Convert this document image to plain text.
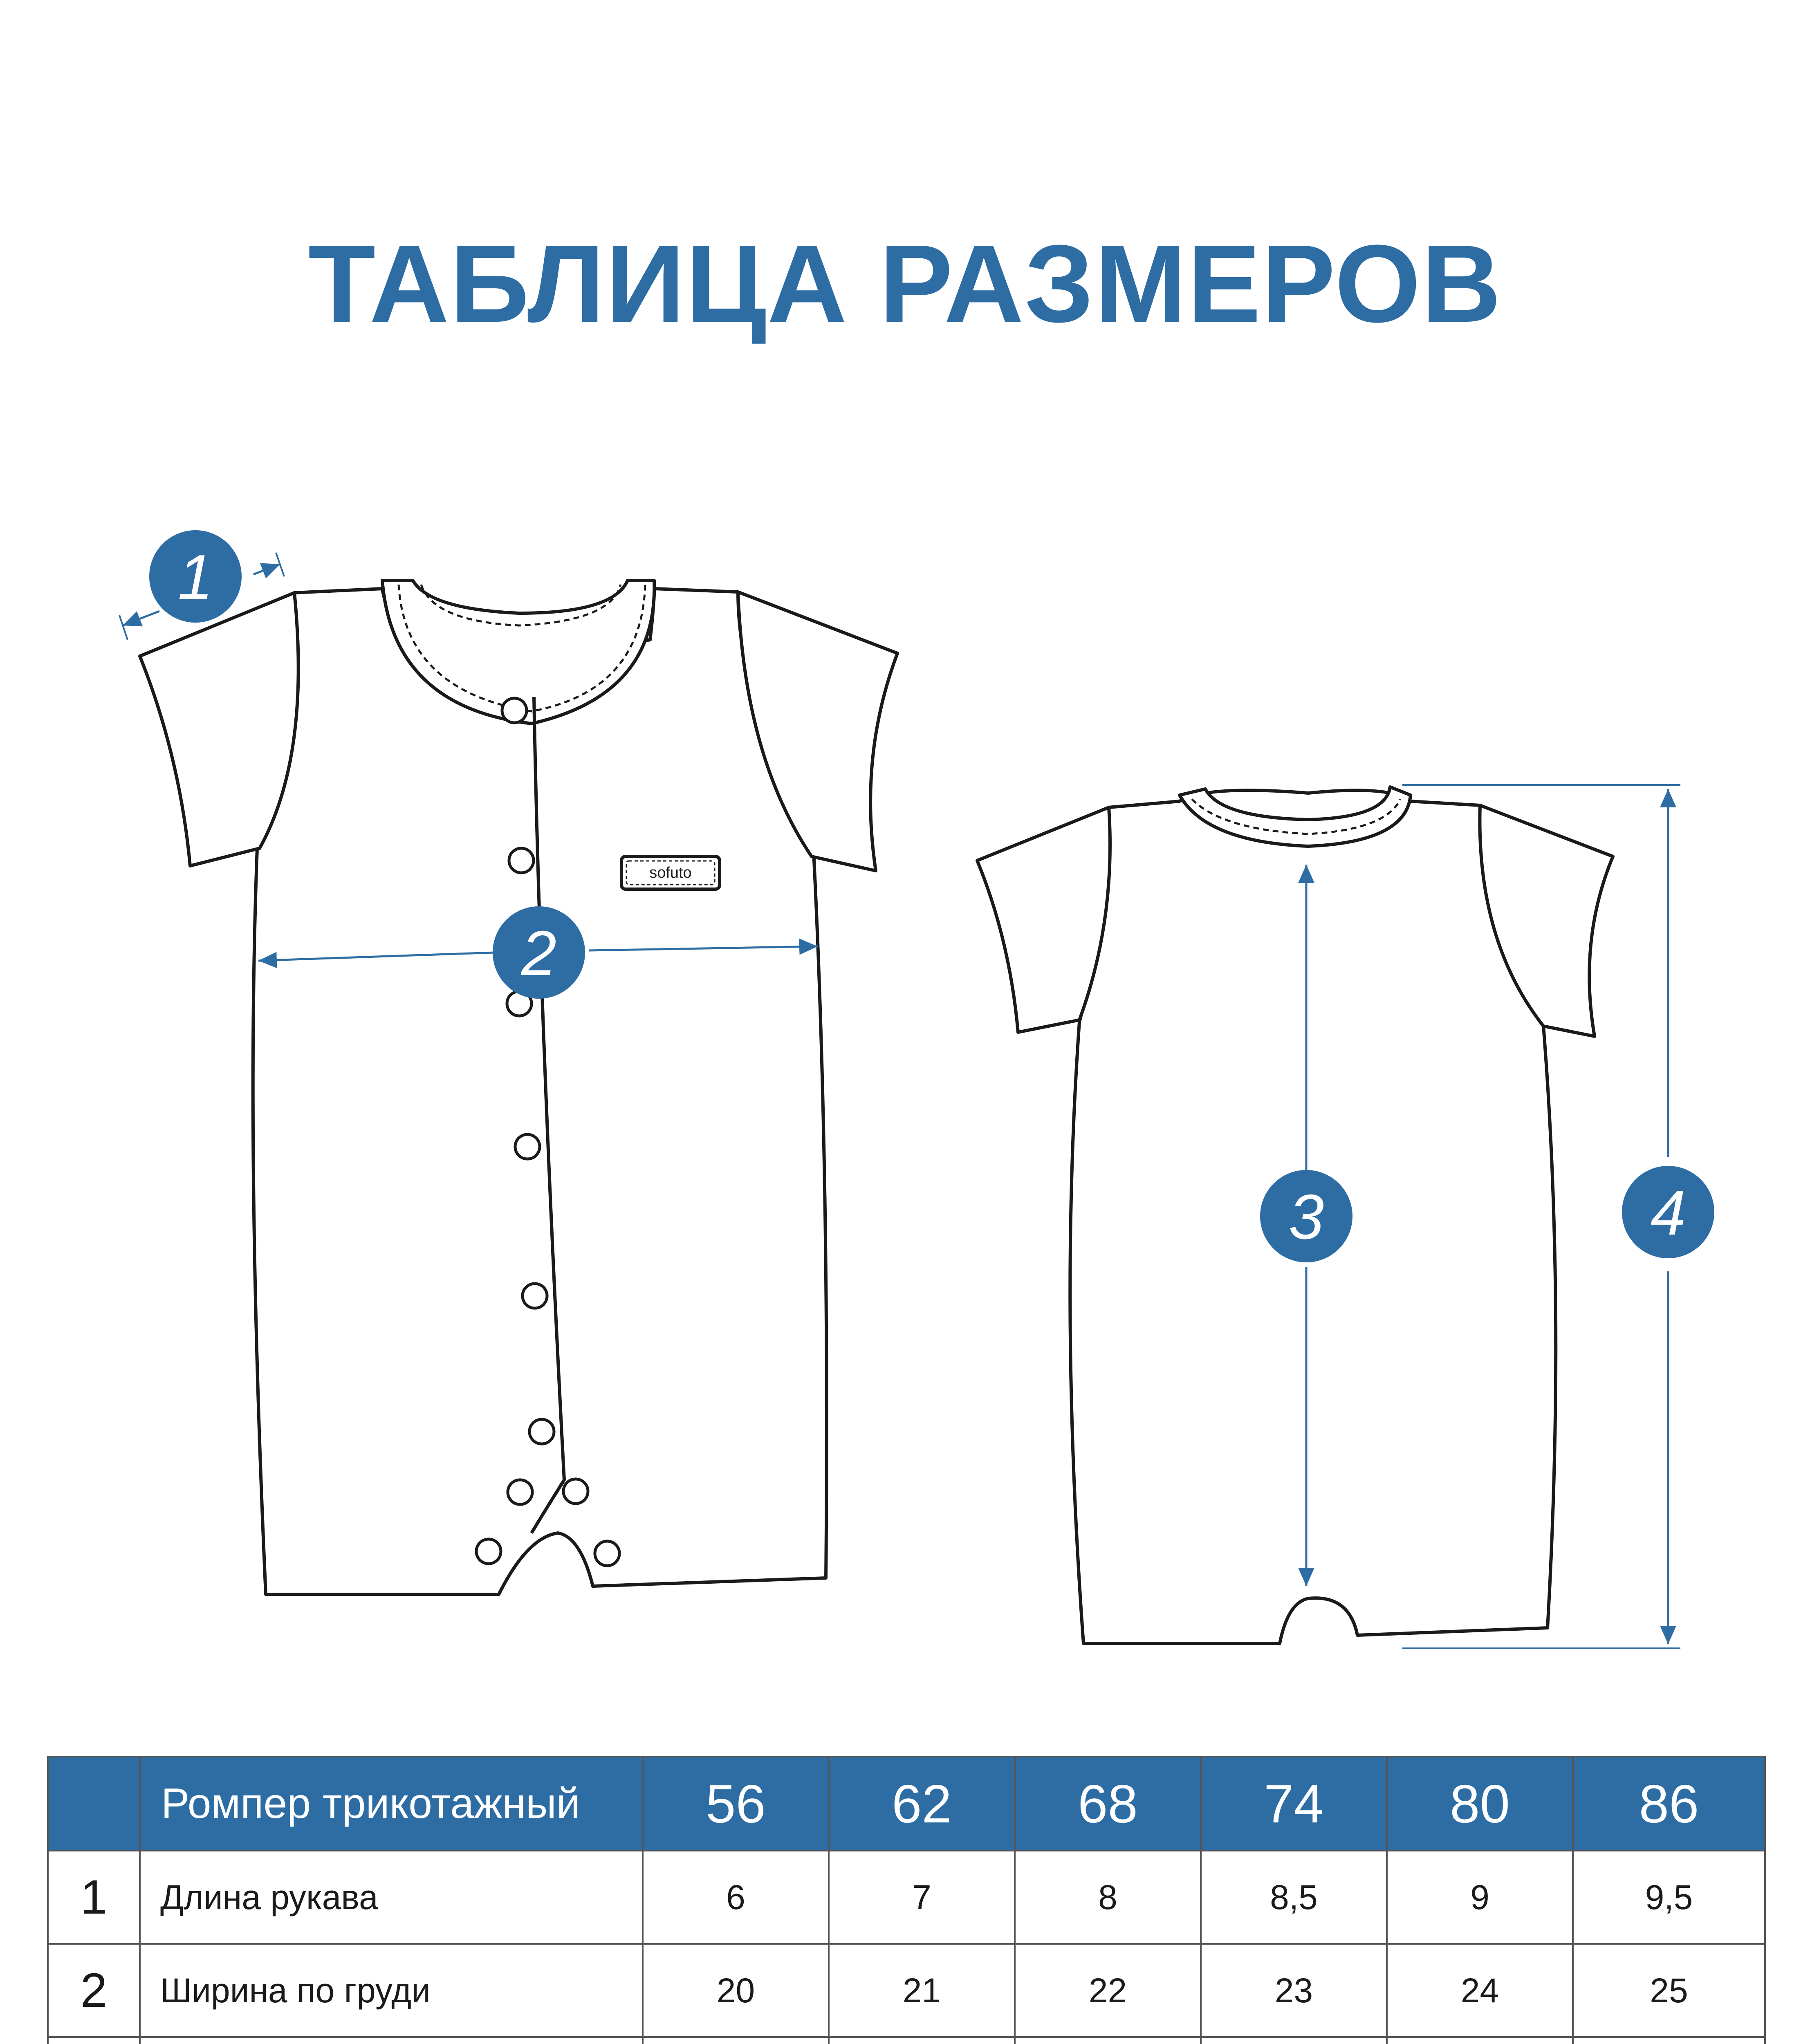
ТАБЛИЦА РАЗМЕРОВ
sofuto
1
2
3	4
	Ромпер трикотажный	56	62	68	74	80	86
1	Длина рукава	6	7	8	8,5	9	9,5
2	Ширина по груди	20	21	22	23	24	25
